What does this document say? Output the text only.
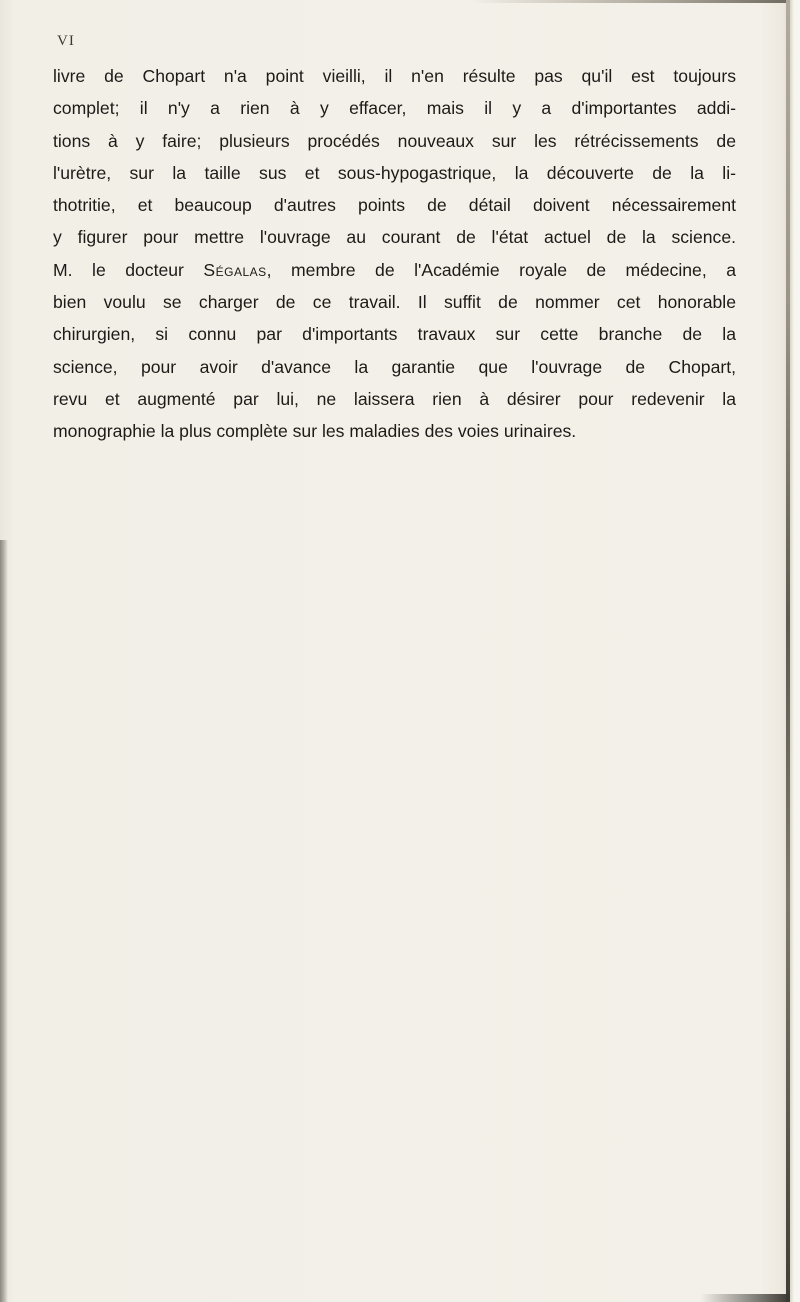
VI
livre de Chopart n'a point vieilli, il n'en résulte pas qu'il est toujours
complet; il n'y a rien à y effacer, mais il y a d'importantes addi-
tions à y faire; plusieurs procédés nouveaux sur les rétrécissements de
l'urètre, sur la taille sus et sous-hypogastrique, la découverte de la li-
thotritie, et beaucoup d'autres points de détail doivent nécessairement
y figurer pour mettre l'ouvrage au courant de l'état actuel de la science.
M. le docteur Ségalas, membre de l'Académie royale de médecine, a
bien voulu se charger de ce travail. Il suffit de nommer cet honorable
chirurgien, si connu par d'importants travaux sur cette branche de la
science, pour avoir d'avance la garantie que l'ouvrage de Chopart,
revu et augmenté par lui, ne laissera rien à désirer pour redevenir la
monographie la plus complète sur les maladies des voies urinaires.
